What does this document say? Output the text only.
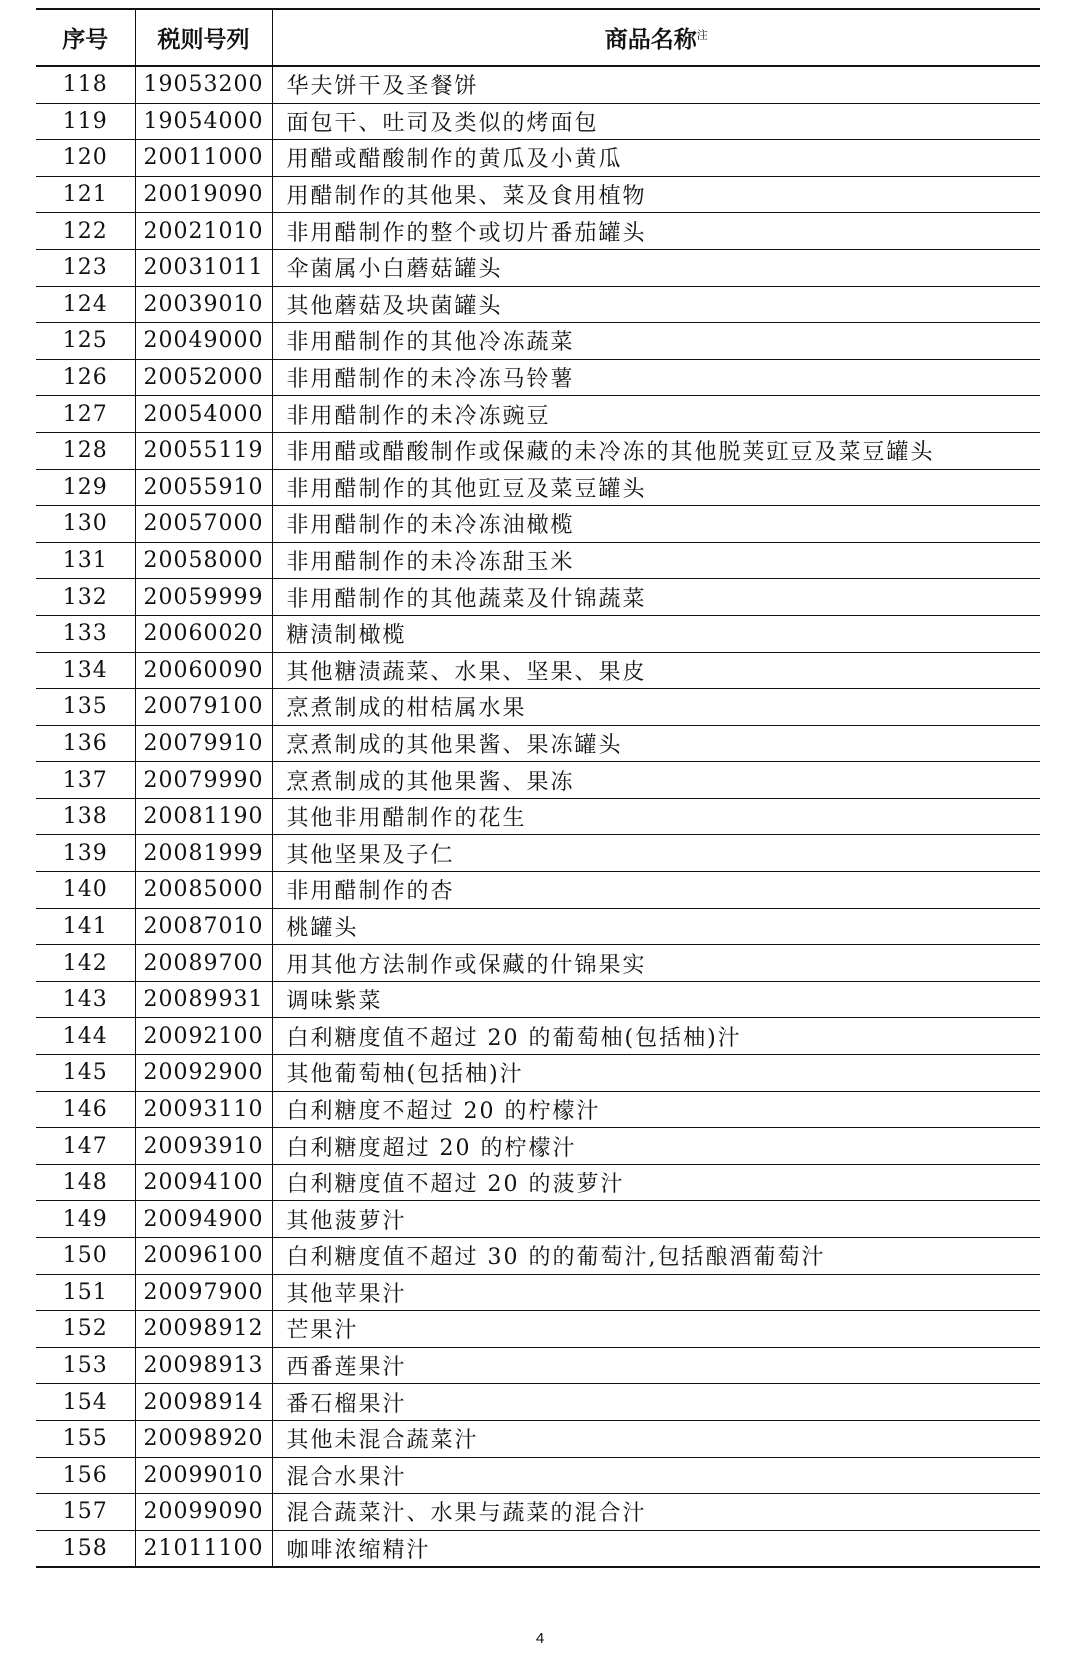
序号	税则号列	商品名称$^注$
118	19053200	华夫饼干及圣餐饼
119	19054000	面包干、吐司及类似的烤面包
120	20011000	用醋或醋酸制作的黄瓜及小黄瓜
121	20019090	用醋制作的其他果、菜及食用植物
122	20021010	非用醋制作的整个或切片番茄罐头
123	20031011	伞菌属小白蘑菇罐头
124	20039010	其他蘑菇及块菌罐头
125	20049000	非用醋制作的其他冷冻蔬菜
126	20052000	非用醋制作的未冷冻马铃薯
127	20054000	非用醋制作的未冷冻豌豆
128	20055119	非用醋或醋酸制作或保藏的未冷冻的其他脱荚豇豆及菜豆罐头
129	20055910	非用醋制作的其他豇豆及菜豆罐头
130	20057000	非用醋制作的未冷冻油橄榄
131	20058000	非用醋制作的未冷冻甜玉米
132	20059999	非用醋制作的其他蔬菜及什锦蔬菜
133	20060020	糖渍制橄榄
134	20060090	其他糖渍蔬菜、水果、坚果、果皮
135	20079100	烹煮制成的柑桔属水果
136	20079910	烹煮制成的其他果酱、果冻罐头
137	20079990	烹煮制成的其他果酱、果冻
138	20081190	其他非用醋制作的花生
139	20081999	其他坚果及子仁
140	20085000	非用醋制作的杏
141	20087010	桃罐头
142	20089700	用其他方法制作或保藏的什锦果实
143	20089931	调味紫菜
144	20092100	白利糖度值不超过 20 的葡萄柚(包括柚)汁
145	20092900	其他葡萄柚(包括柚)汁
146	20093110	白利糖度不超过 20 的柠檬汁
147	20093910	白利糖度超过 20 的柠檬汁
148	20094100	白利糖度值不超过 20 的菠萝汁
149	20094900	其他菠萝汁
150	20096100	白利糖度值不超过 30 的的葡萄汁,包括酿酒葡萄汁
151	20097900	其他苹果汁
152	20098912	芒果汁
153	20098913	西番莲果汁
154	20098914	番石榴果汁
155	20098920	其他未混合蔬菜汁
156	20099010	混合水果汁
157	20099090	混合蔬菜汁、水果与蔬菜的混合汁
158	21011100	咖啡浓缩精汁
4
